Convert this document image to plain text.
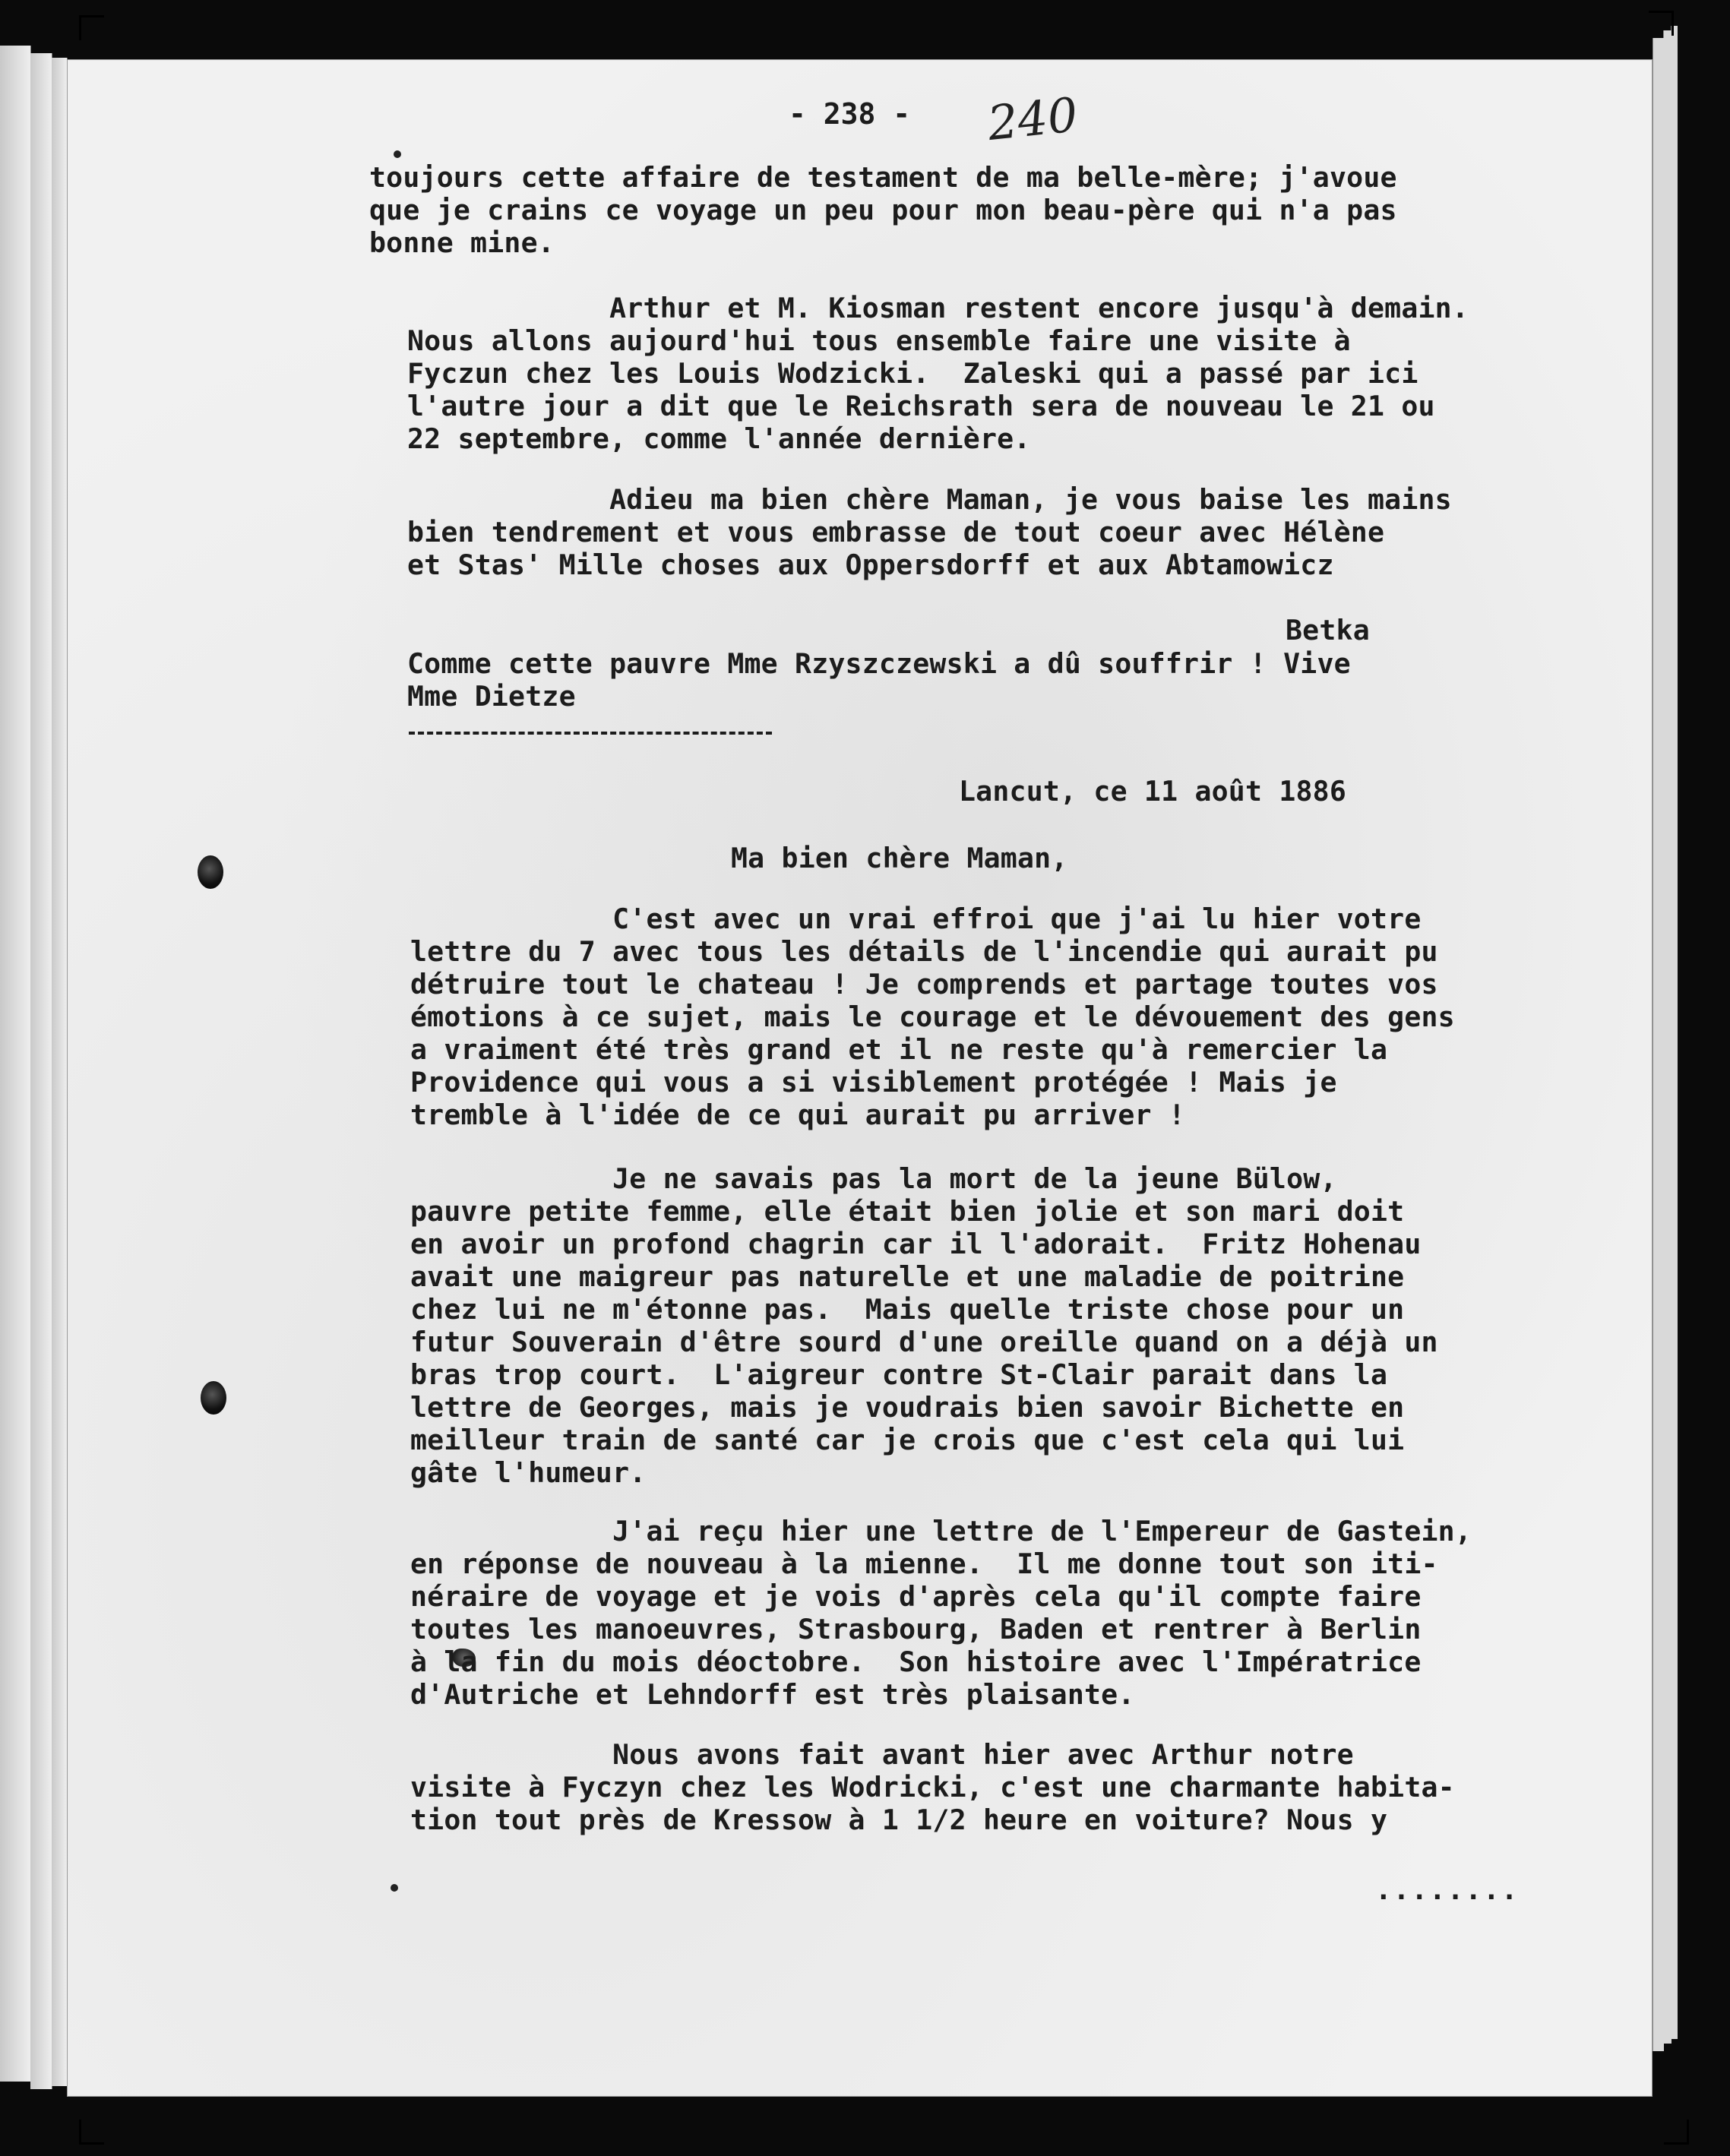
- 238 - 240
toujours cette affaire de testament de ma belle-mère; j'avoue
que je crains ce voyage un peu pour mon beau-père qui n'a pas
bonne mine.
Arthur et M. Kiosman restent encore jusqu'à demain.
Nous allons aujourd'hui tous ensemble faire une visite à
Fyczun chez les Louis Wodzicki.  Zaleski qui a passé par ici
l'autre jour a dit que le Reichsrath sera de nouveau le 21 ou
22 septembre, comme l'année dernière.
Adieu ma bien chère Maman, je vous baise les mains
bien tendrement et vous embrasse de tout coeur avec Hélène
et Stas' Mille choses aux Oppersdorff et aux Abtamowicz
Betka
Comme cette pauvre Mme Rzyszczewski a dû souffrir ! Vive
Mme Dietze
Lancut, ce 11 août 1886
Ma bien chère Maman,
C'est avec un vrai effroi que j'ai lu hier votre
lettre du 7 avec tous les détails de l'incendie qui aurait pu
détruire tout le chateau ! Je comprends et partage toutes vos
émotions à ce sujet, mais le courage et le dévouement des gens
a vraiment été très grand et il ne reste qu'à remercier la
Providence qui vous a si visiblement protégée ! Mais je
tremble à l'idée de ce qui aurait pu arriver !
Je ne savais pas la mort de la jeune Bülow,
pauvre petite femme, elle était bien jolie et son mari doit
en avoir un profond chagrin car il l'adorait.  Fritz Hohenau
avait une maigreur pas naturelle et une maladie de poitrine
chez lui ne m'étonne pas.  Mais quelle triste chose pour un
futur Souverain d'être sourd d'une oreille quand on a déjà un
bras trop court.  L'aigreur contre St-Clair parait dans la
lettre de Georges, mais je voudrais bien savoir Bichette en
meilleur train de santé car je crois que c'est cela qui lui
gâte l'humeur.
J'ai reçu hier une lettre de l'Empereur de Gastein,
en réponse de nouveau à la mienne.  Il me donne tout son iti-
néraire de voyage et je vois d'après cela qu'il compte faire
toutes les manoeuvres, Strasbourg, Baden et rentrer à Berlin
à la fin du mois déoctobre.  Son histoire avec l'Impératrice
d'Autriche et Lehndorff est très plaisante.
Nous avons fait avant hier avec Arthur notre
visite à Fyczyn chez les Wodricki, c'est une charmante habita-
tion tout près de Kressow à 1 1/2 heure en voiture? Nous y
........
